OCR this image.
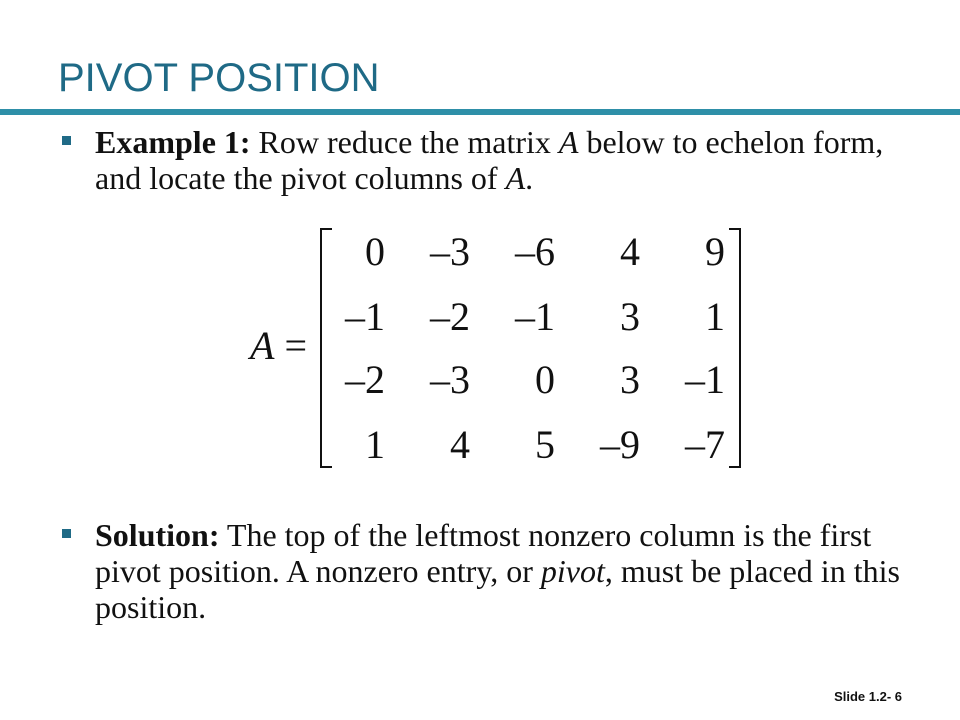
PIVOT POSITION
Example 1: Row reduce the matrix A below to echelon form, and locate the pivot columns of A.
A =
0	–3	–6	4	9
–1	–2	–1	3	1
–2	–3	0	3	–1
1	4	5	–9	–7
Solution: The top of the leftmost nonzero column is the first pivot position. A nonzero entry, or pivot, must be placed in this position.
Slide 1.2- 6
